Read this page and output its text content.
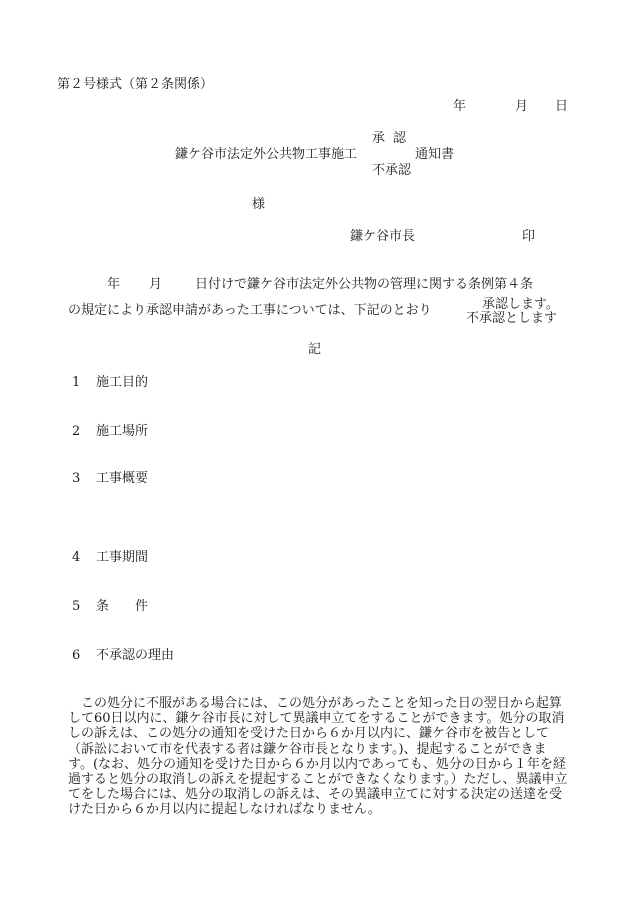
第２号様式（第２条関係）
年	月 日
承認
鎌ケ谷市法定外公共物工事施工	通知書
不承認
様
鎌ケ谷市長	印
年 月	日付けで鎌ケ谷市法定外公共物の管理に関する条例第４条
の規定により承認申請があった工事については、下記のとおり	承認します。
不承認とします
記
1 施工目的
2 施工場所
3 工事概要
4 工事期間
5 条　　件
6 不承認の理由

この処分に不服がある場合には、この処分があったことを知った日の翌日から起算して60日以内に、鎌ケ谷市長に対して異議申立てをすることができます。処分の取消しの訴えは、この処分の通知を受けた日から６か月以内に、鎌ケ谷市を被告として（訴訟において市を代表する者は鎌ケ谷市長となります。)、提起することができます。(なお、処分の通知を受けた日から６か月以内であっても、処分の日から１年を経過すると処分の取消しの訴えを提起することができなくなります。）ただし、異議申立てをした場合には、処分の取消しの訴えは、その異議申立てに対する決定の送達を受けた日から６か月以内に提起しなければなりません。
